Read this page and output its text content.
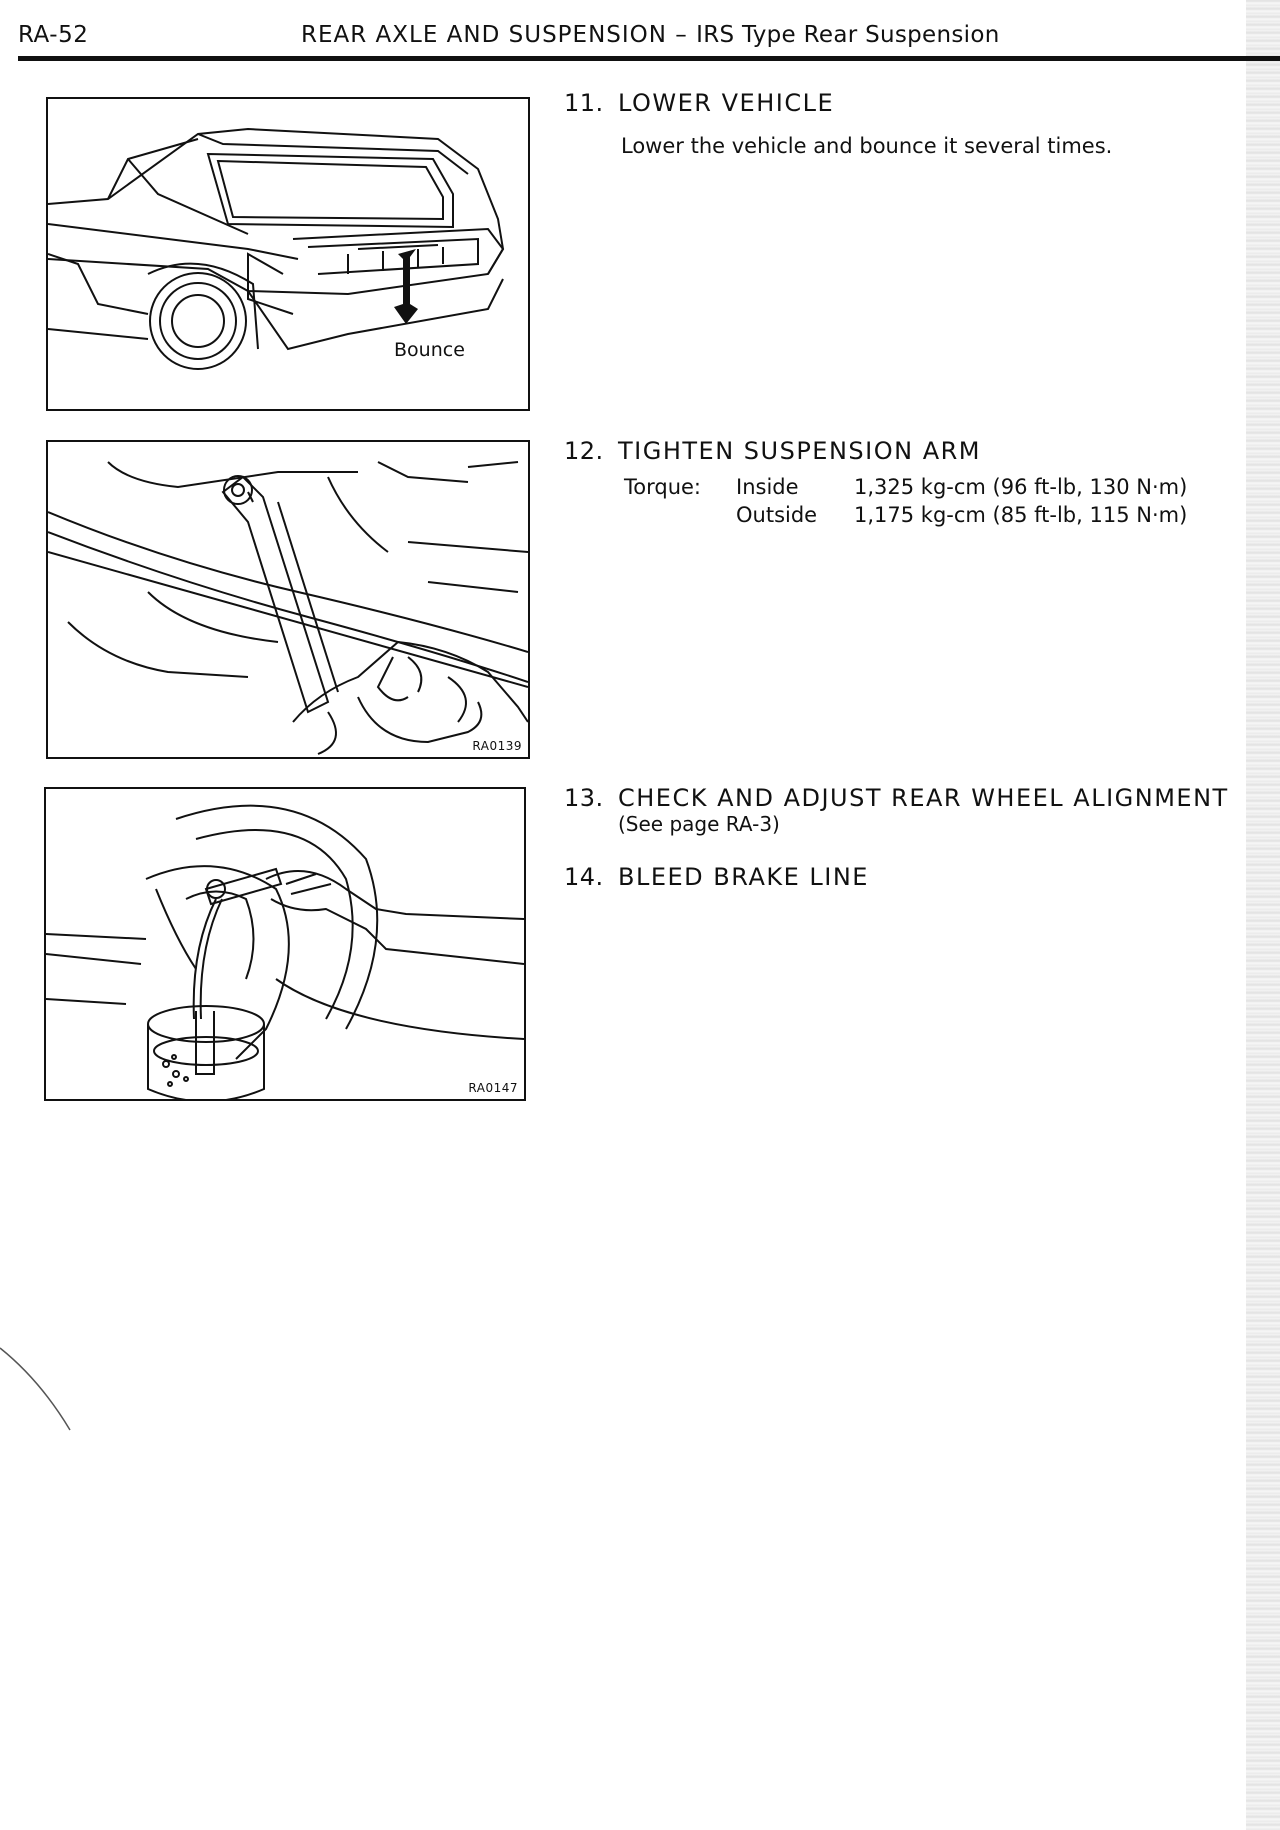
RA-52	REAR AXLE AND SUSPENSION – IRS Type Rear Suspension
Bounce
RA0139
RA0147
11. LOWER VEHICLE
Lower the vehicle and bounce it several times.
12. TIGHTEN SUSPENSION ARM
Torque: Inside	1,325 kg-cm (96 ft-lb, 130 N·m)
Outside 1,175 kg-cm (85 ft-lb, 115 N·m)
13. CHECK AND ADJUST REAR WHEEL ALIGNMENT
(See page RA-3)
14. BLEED BRAKE LINE
